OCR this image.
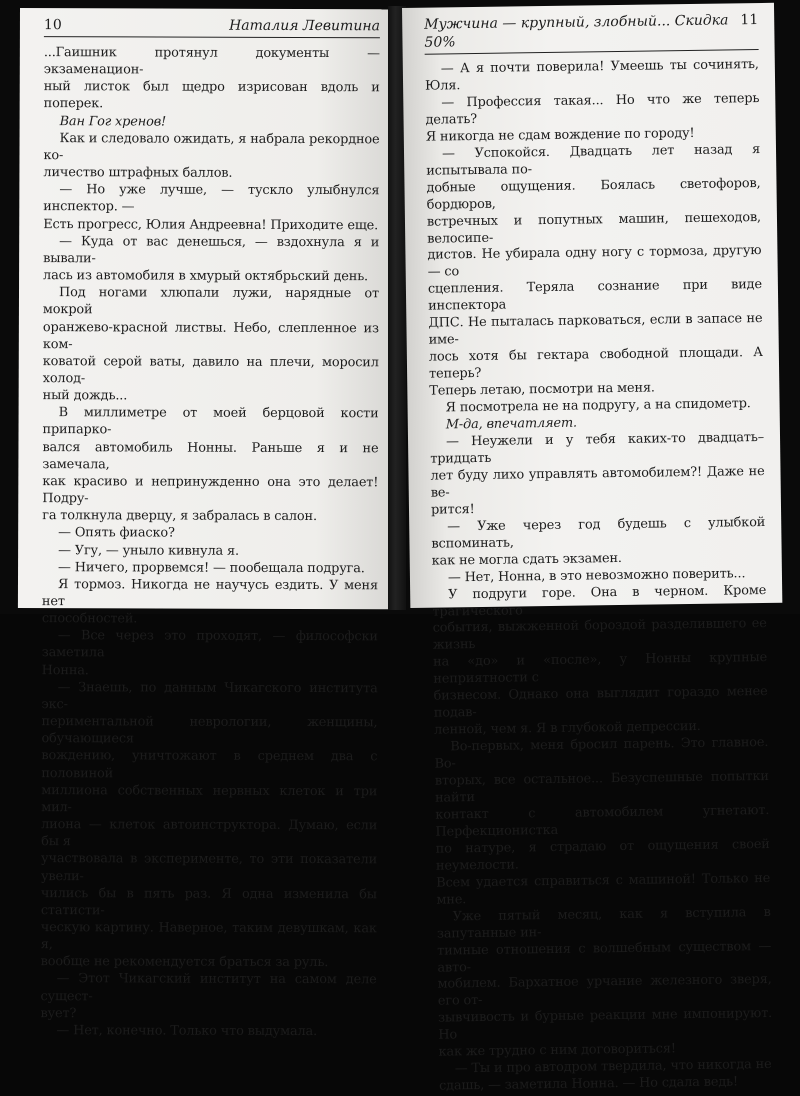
10	Наталия Левитина

...Гаишник протянул документы — экзаменацион-
ный листок был щедро изрисован вдоль и поперек.

Ван Гог хренов!

Как и следовало ожидать, я набрала рекордное ко-
личество штрафных баллов.

— Но уже лучше, — тускло улыбнулся инспектор. —
Есть прогресс, Юлия Андреевна! Приходите еще.

— Куда от вас денешься, — вздохнула я и вывали-
лась из автомобиля в хмурый октябрьский день.

Под ногами хлюпали лужи, нарядные от мокрой
оранжево-красной листвы. Небо, слепленное из ком-
коватой серой ваты, давило на плечи, моросил холод-
ный дождь...

В миллиметре от моей берцовой кости припарко-
вался автомобиль Нонны. Раньше я и не замечала,
как красиво и непринужденно она это делает! Подру-
га толкнула дверцу, я забралась в салон.

— Опять фиаско?

— Угу, — уныло кивнула я.

— Ничего, прорвемся! — пообещала подруга.

Я тормоз. Никогда не научусь ездить. У меня нет
способностей.

— Все через это проходят, — философски заметила
Нонна.

— Знаешь, по данным Чикагского института экс-
периментальной неврологии, женщины, обучающиеся
вождению, уничтожают в среднем два с половиной
миллиона собственных нервных клеток и три мил-
лиона — клеток автоинструктора. Думаю, если бы я
участвовала в эксперименте, то эти показатели увели-
чились бы в пять раз. Я одна изменила бы статисти-
ческую картину. Наверное, таким девушкам, как я,
вообще не рекомендуется браться за руль.

— Этот Чикагский институт на самом деле сущест-
вует?

— Нет, конечно. Только что выдумала.

Мужчина — крупный, злобный... Скидка 50%
11

— А я почти поверила! Умеешь ты сочинять, Юля.

— Профессия такая... Но что же теперь делать?
Я никогда не сдам вождение по городу!

— Успокойся. Двадцать лет назад я испытывала по-
добные ощущения. Боялась светофоров, бордюров,
встречных и попутных машин, пешеходов, велосипе-
дистов. Не убирала одну ногу с тормоза, другую — со
сцепления. Теряла сознание при виде инспектора
ДПС. Не пыталась парковаться, если в запасе не име-
лось хотя бы гектара свободной площади. А теперь?
Теперь летаю, посмотри на меня.

Я посмотрела не на подругу, а на спидометр.

М-да, впечатляет.

— Неужели и у тебя каких-то двадцать–тридцать
лет буду лихо управлять автомобилем?! Даже не ве-
рится!

— Уже через год будешь с улыбкой вспоминать,
как не могла сдать экзамен.

— Нет, Нонна, в это невозможно поверить...

У подруги горе. Она в черном. Кроме трагического
события, выжженной бороздой разделившего ее жизнь
на «до» и «после», у Нонны крупные неприятности с
бизнесом. Однако она выглядит гораздо менее подав-
ленной, чем я. Я в глубокой депрессии.

Во-первых, меня бросил парень. Это главное. Во-
вторых, все остальное... Безуспешные попытки найти
контакт с автомобилем угнетают. Перфекционистка
по натуре, я страдаю от ощущения своей неумелости.
Всем удается справиться с машиной! Только не мне.

Уже пятый месяц, как я вступила в запутанные ин-
тимные отношения с волшебным существом — авто-
мобилем. Бархатное урчание железного зверя, его от-
зывчивость и бурные реакции мне импонируют. Но
как же трудно с ним договориться!

— Ты и про автодром твердила, что никогда не
сдашь, — заметила Нонна. — Но сдала ведь!
